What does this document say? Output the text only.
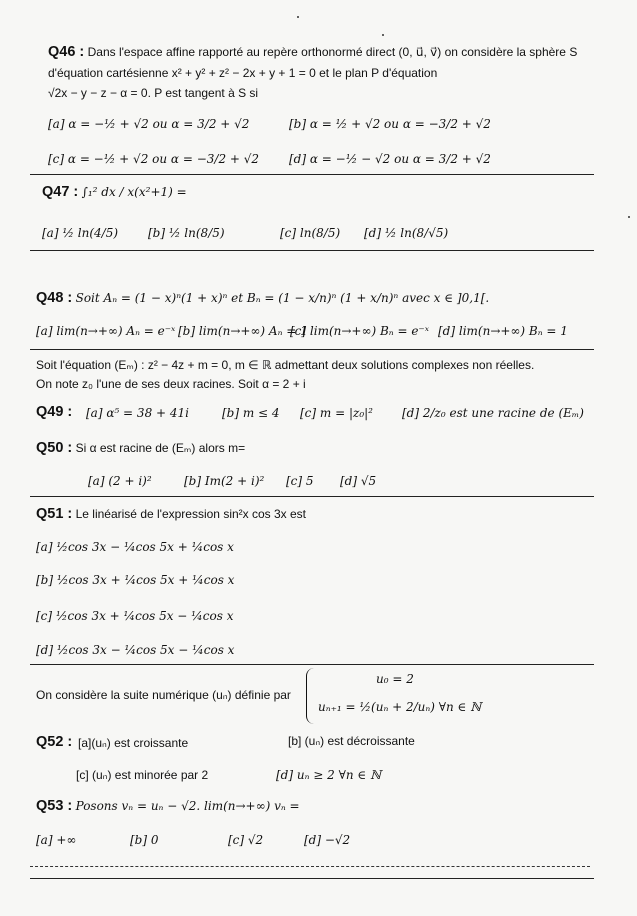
Q46 : Dans l'espace affine rapporté au repère orthonormé direct (0, u⃗, v⃗) on considère la sphère S
d'équation cartésienne x² + y² + z² − 2x + y + 1 = 0 et le plan P d'équation
√2x − y − z − α = 0. P est tangent à S si
[a] α = −½ + √2 ou α = 3/2 + √2	[b] α = ½ + √2 ou α = −3/2 + √2
[c] α = −½ + √2 ou α = −3/2 + √2 [d] α = −½ − √2 ou α = 3/2 + √2
Q47 : ∫₁² dx / x(x²+1) =
[a] ½ ln(4/5) [b] ½ ln(8/5)	[c] ln(8/5) [d] ½ ln(8/√5)
Q48 : Soit Aₙ = (1 − x)ⁿ(1 + x)ⁿ et Bₙ = (1 − x/n)ⁿ (1 + x/n)ⁿ avec x ∈ ]0,1[.
[a] lim(n→+∞) Aₙ = e⁻ˣ [b] lim(n→+∞) Aₙ = 1
[c] lim(n→+∞) Bₙ = e⁻ˣ [d] lim(n→+∞) Bₙ = 1
Soit l'équation (Eₘ) : z² − 4z + m = 0, m ∈ ℝ admettant deux solutions complexes non réelles.
On note z₀ l'une de ses deux racines. Soit α = 2 + i
Q49 : [a] α⁵ = 38 + 41i	[b] m ≤ 4 [c] m = |z₀|² [d] 2/z₀ est une racine de (Eₘ)
Q50 : Si α est racine de (Eₘ) alors m=
[a] (2 + i)²	[b] Im(2 + i)² [c] 5 [d] √5
Q51 : Le linéarisé de l'expression sin²x cos 3x est
[a] ½cos 3x − ¼cos 5x + ¼cos x
[b] ½cos 3x + ¼cos 5x + ¼cos x
[c] ½cos 3x + ¼cos 5x − ¼cos x
[d] ½cos 3x − ¼cos 5x − ¼cos x
On considère la suite numérique (uₙ) définie par
u₀ = 2
uₙ₊₁ = ½(uₙ + 2/uₙ) ∀n ∈ ℕ
Q52 : [a](uₙ) est croissante	[b] (uₙ) est décroissante
[c] (uₙ) est minorée par 2	[d] uₙ ≥ 2 ∀n ∈ ℕ
Q53 : Posons vₙ = uₙ − √2. lim(n→+∞) vₙ =
[a] +∞	[b] 0	[c] √2	[d] −√2
